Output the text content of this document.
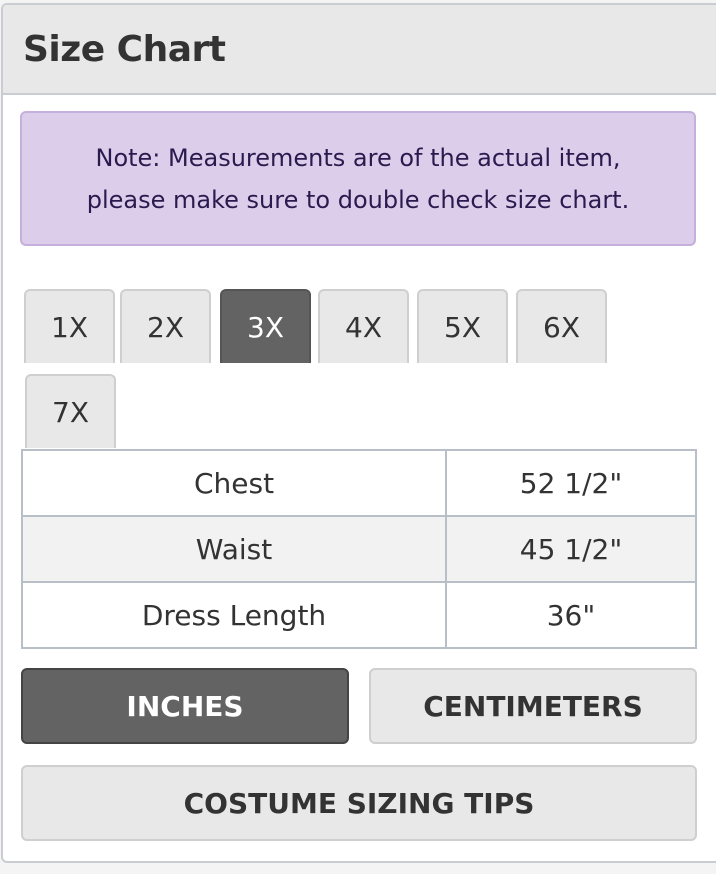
Size Chart
Note: Measurements are of the actual item,
please make sure to double check size chart.
1X	2X	3X	4X	5X	6X
7X
Chest	52 1/2"
Waist	45 1/2"
Dress Length	36"
INCHES	CENTIMETERS
COSTUME SIZING TIPS
